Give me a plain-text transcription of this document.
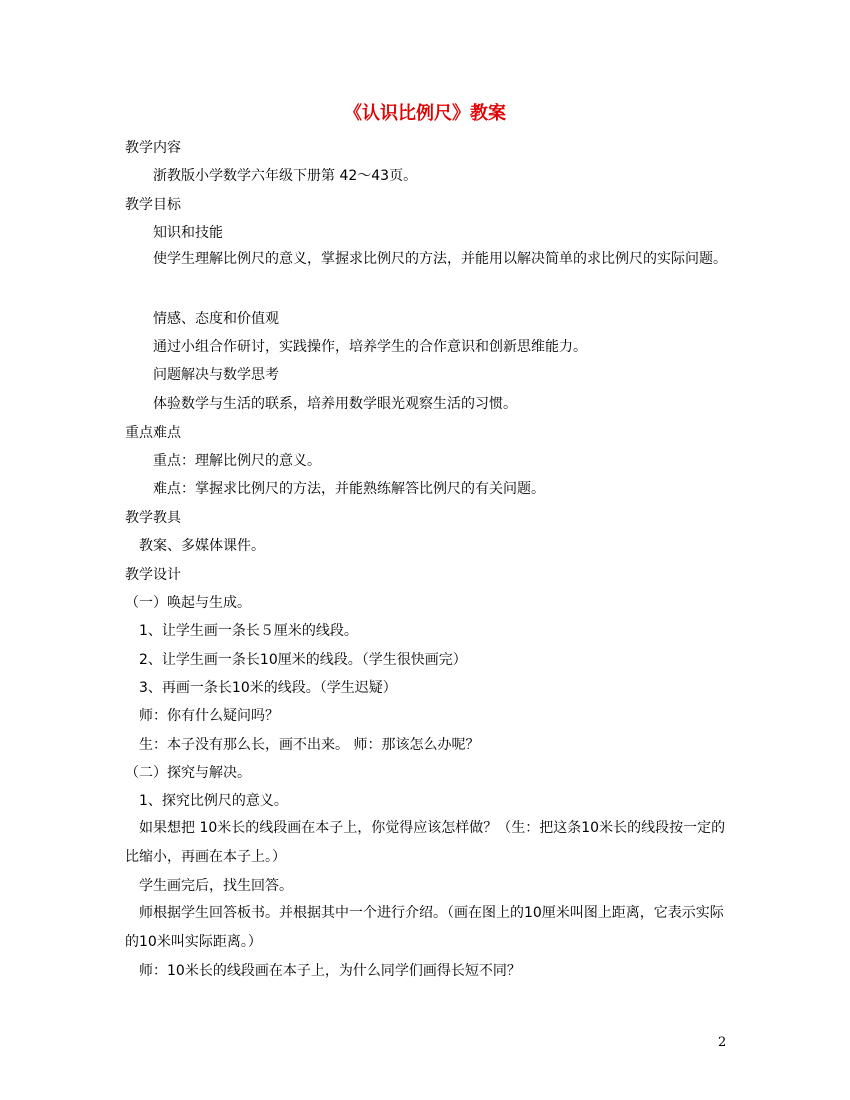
《认识比例尺》教案
教学内容
浙教版小学数学六年级下册第 42～43页。
教学目标
知识和技能
使学生理解比例尺的意义，掌握求比例尺的方法，并能用以解决简单的求比例尺的实际问题。
情感、态度和价值观
通过小组合作研讨，实践操作，培养学生的合作意识和创新思维能力。
问题解决与数学思考
体验数学与生活的联系，培养用数学眼光观察生活的习惯。
重点难点
重点：理解比例尺的意义。
难点：掌握求比例尺的方法，并能熟练解答比例尺的有关问题。
教学教具
教案、多媒体课件。
教学设计
（一）唤起与生成。
1、让学生画一条长５厘米的线段。
2、让学生画一条长10厘米的线段。（学生很快画完）
3、再画一条长10米的线段。（学生迟疑）
师：你有什么疑问吗？
生：本子没有那么长，画不出来。 师：那该怎么办呢？
（二）探究与解决。
1、探究比例尺的意义。
如果想把 10米长的线段画在本子上，你觉得应该怎样做？（生：把这条10米长的线段按一定的比缩小，再画在本子上。）
学生画完后，找生回答。
师根据学生回答板书。并根据其中一个进行介绍。（画在图上的10厘米叫图上距离，它表示实际的10米叫实际距离。）
师：10米长的线段画在本子上，为什么同学们画得长短不同？
2
